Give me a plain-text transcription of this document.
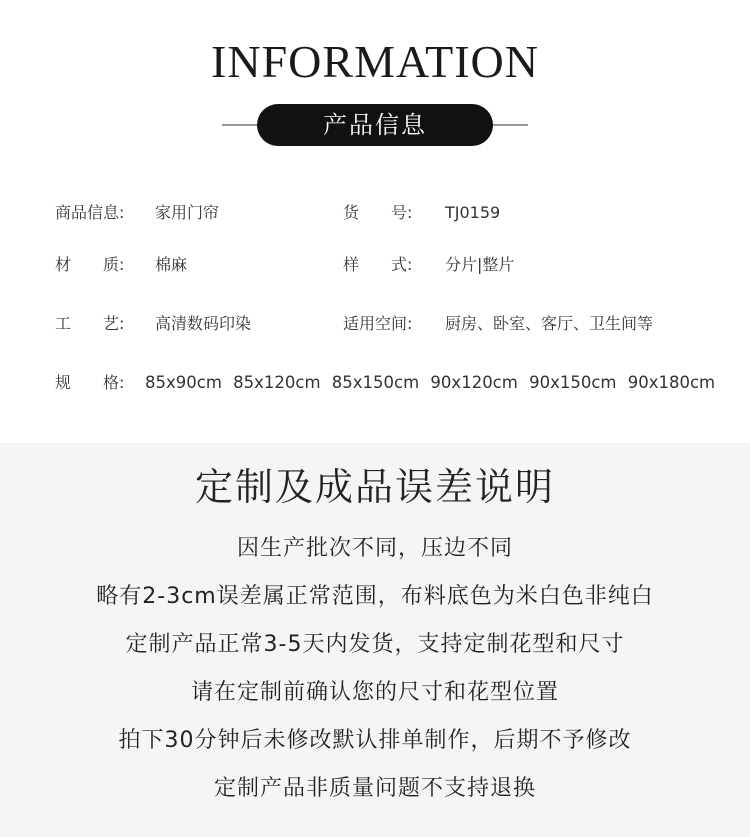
INFORMATION
产品信息
商品信息: 家用门帘	货　　号: TJ0159
材　　质: 棉麻	样　　式: 分片|整片
工　　艺: 高清数码印染	适用空间: 厨房、卧室、客厅、卫生间等
规　　格: 85x90cm 85x120cm 85x150cm 90x120cm 90x150cm 90x180cm
定制及成品误差说明
因生产批次不同，压边不同
略有2-3cm误差属正常范围，布料底色为米白色非纯白
定制产品正常3-5天内发货，支持定制花型和尺寸
请在定制前确认您的尺寸和花型位置
拍下30分钟后未修改默认排单制作，后期不予修改
定制产品非质量问题不支持退换
